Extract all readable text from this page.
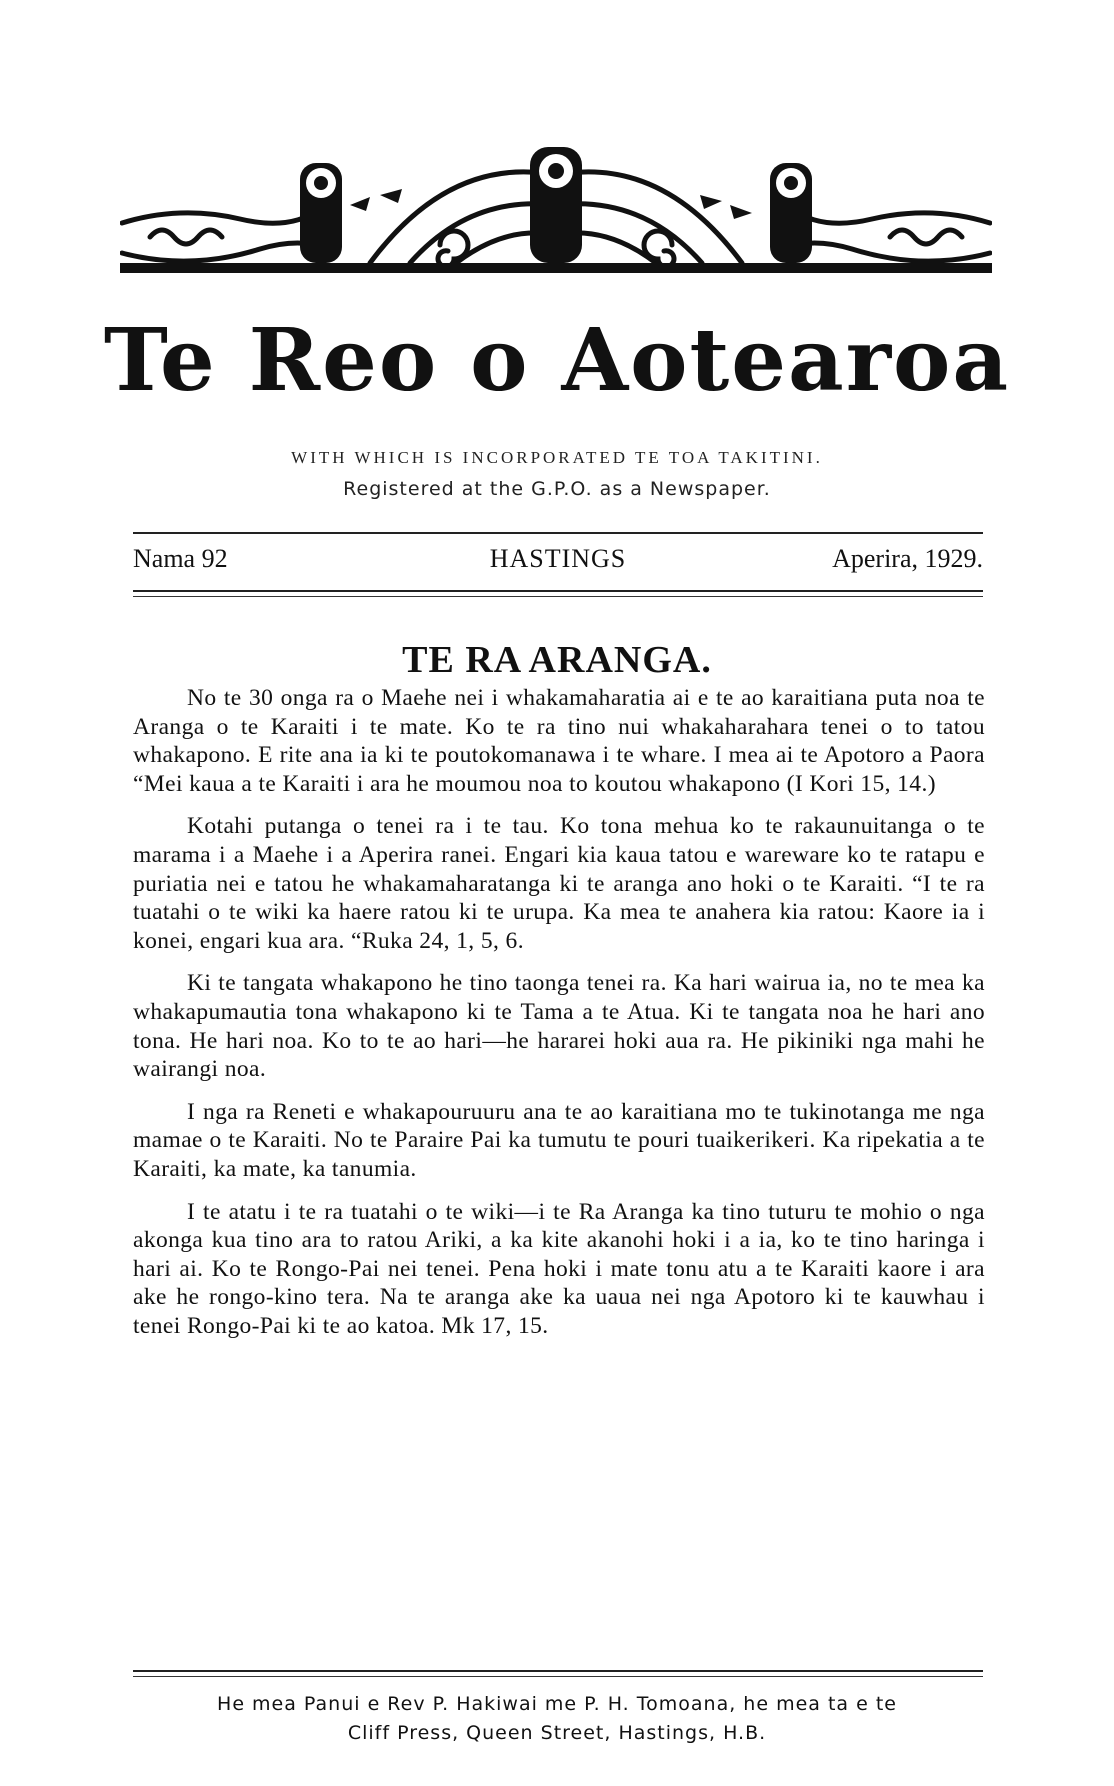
Te Reo o Aotearoa
WITH WHICH IS INCORPORATED TE TOA TAKITINI.
Registered at the G.P.O. as a Newspaper.
Nama 92	HASTINGS	Aperira, 1929.
TE RA ARANGA.

No te 30 onga ra o Maehe nei i whakamaharatia ai e te ao karaitiana puta noa te Aranga o te Karaiti i te mate. Ko te ra tino nui whakaharahara tenei o to tatou whakapono. E rite ana ia ki te poutokomanawa i te whare. I mea ai te Apotoro a Paora “Mei kaua a te Karaiti i ara he moumou noa to koutou whakapono (I Kori 15, 14.)

Kotahi putanga o tenei ra i te tau. Ko tona mehua ko te rakaunuitanga o te marama i a Maehe i a Aperira ranei. Engari kia kaua tatou e wareware ko te ratapu e puriatia nei e tatou he whakamaharatanga ki te aranga ano hoki o te Karaiti. “I te ra tuatahi o te wiki ka haere ratou ki te urupa. Ka mea te anahera kia ratou: Kaore ia i konei, engari kua ara. “Ruka 24, 1, 5, 6.

Ki te tangata whakapono he tino taonga tenei ra. Ka hari wairua ia, no te mea ka whakapumautia tona whakapono ki te Tama a te Atua. Ki te tangata noa he hari ano tona. He hari noa. Ko to te ao hari—he hararei hoki aua ra. He pikiniki nga mahi he wairangi noa.

I nga ra Reneti e whakapouruuru ana te ao karaitiana mo te tukinotanga me nga mamae o te Karaiti. No te Paraire Pai ka tumutu te pouri tuaikerikeri. Ka ripekatia a te Karaiti, ka mate, ka tanumia.

I te atatu i te ra tuatahi o te wiki—i te Ra Aranga ka tino tuturu te mohio o nga akonga kua tino ara to ratou Ariki, a ka kite akanohi hoki i a ia, ko te tino haringa i hari ai. Ko te Rongo-Pai nei tenei. Pena hoki i mate tonu atu a te Karaiti kaore i ara ake he rongo-kino tera. Na te aranga ake ka uaua nei nga Apotoro ki te kauwhau i tenei Rongo-Pai ki te ao katoa. Mk 17, 15.

He mea Panui e Rev P. Hakiwai me P. H. Tomoana, he mea ta e te
Cliff Press, Queen Street, Hastings, H.B.
